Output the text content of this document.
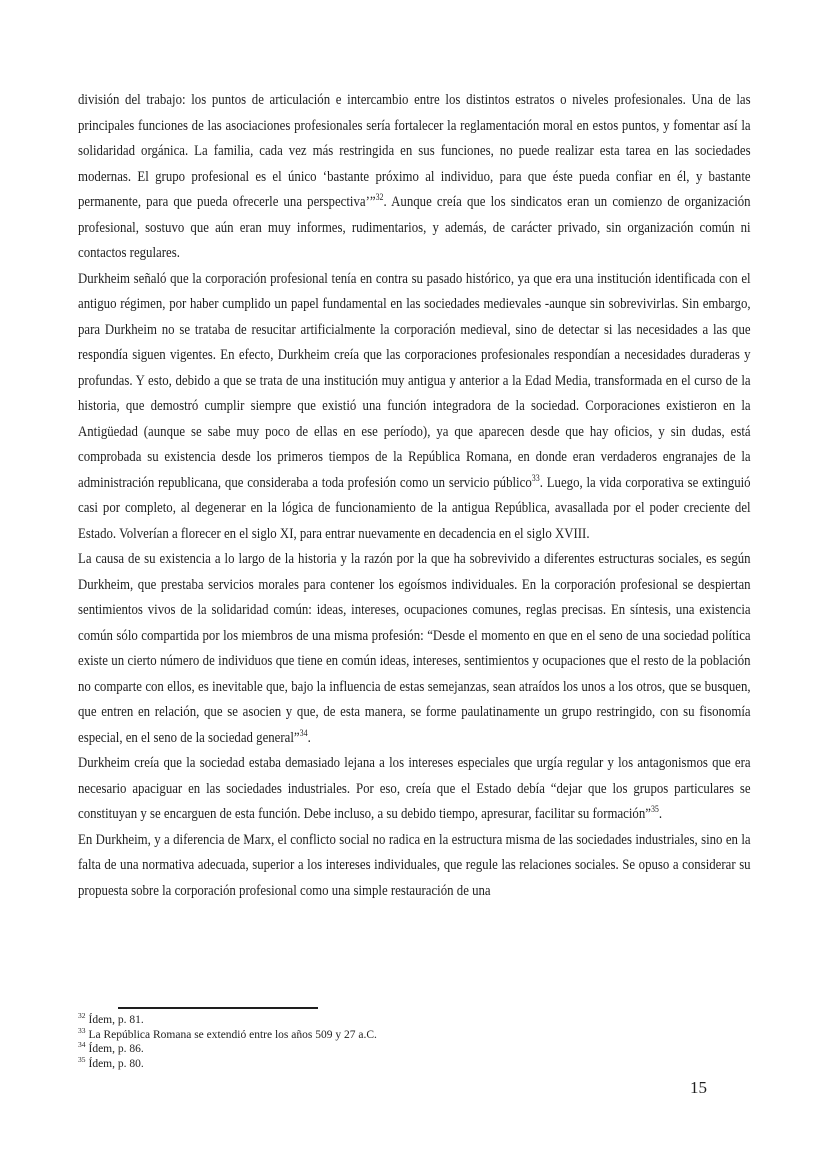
división del trabajo: los puntos de articulación e intercambio entre los distintos estratos o niveles profesionales. Una de las principales funciones de las asociaciones profesionales sería fortalecer la reglamentación moral en estos puntos, y fomentar así la solidaridad orgánica. La familia, cada vez más restringida en sus funciones, no puede realizar esta tarea en las sociedades modernas. El grupo profesional es el único ‘bastante próximo al individuo, para que éste pueda confiar en él, y bastante permanente, para que pueda ofrecerle una perspectiva’”$^{32}$. Aunque creía que los sindicatos eran un comienzo de organización profesional, sostuvo que aún eran muy informes, rudimentarios, y además, de carácter privado, sin organización común ni contactos regulares.

Durkheim señaló que la corporación profesional tenía en contra su pasado histórico, ya que era una institución identificada con el antiguo régimen, por haber cumplido un papel fundamental en las sociedades medievales -aunque sin sobrevivirlas. Sin embargo, para Durkheim no se trataba de resucitar artificialmente la corporación medieval, sino de detectar si las necesidades a las que respondía siguen vigentes. En efecto, Durkheim creía que las corporaciones profesionales respondían a necesidades duraderas y profundas. Y esto, debido a que se trata de una institución muy antigua y anterior a la Edad Media, transformada en el curso de la historia, que demostró cumplir siempre que existió una función integradora de la sociedad. Corporaciones existieron en la Antigüedad (aunque se sabe muy poco de ellas en ese período), ya que aparecen desde que hay oficios, y sin dudas, está comprobada su existencia desde los primeros tiempos de la República Romana, en donde eran verdaderos engranajes de la administración republicana, que consideraba a toda profesión como un servicio público$^{33}$. Luego, la vida corporativa se extinguió casi por completo, al degenerar en la lógica de funcionamiento de la antigua República, avasallada por el poder creciente del Estado. Volverían a florecer en el siglo XI, para entrar nuevamente en decadencia en el siglo XVIII.

La causa de su existencia a lo largo de la historia y la razón por la que ha sobrevivido a diferentes estructuras sociales, es según Durkheim, que prestaba servicios morales para contener los egoísmos individuales. En la corporación profesional se despiertan sentimientos vivos de la solidaridad común: ideas, intereses, ocupaciones comunes, reglas precisas. En síntesis, una existencia común sólo compartida por los miembros de una misma profesión: “Desde el momento en que en el seno de una sociedad política existe un cierto número de individuos que tiene en común ideas, intereses, sentimientos y ocupaciones que el resto de la población no comparte con ellos, es inevitable que, bajo la influencia de estas semejanzas, sean atraídos los unos a los otros, que se busquen, que entren en relación, que se asocien y que, de esta manera, se forme paulatinamente un grupo restringido, con su fisonomía especial, en el seno de la sociedad general”$^{34}$.

Durkheim creía que la sociedad estaba demasiado lejana a los intereses especiales que urgía regular y los antagonismos que era necesario apaciguar en las sociedades industriales. Por eso, creía que el Estado debía “dejar que los grupos particulares se constituyan y se encarguen de esta función. Debe incluso, a su debido tiempo, apresurar, facilitar su formación”$^{35}$.

En Durkheim, y a diferencia de Marx, el conflicto social no radica en la estructura misma de las sociedades industriales, sino en la falta de una normativa adecuada, superior a los intereses individuales, que regule las relaciones sociales. Se opuso a considerar su propuesta sobre la corporación profesional como una simple restauración de una

$^{32}$ Ídem, p. 81.
$^{33}$ La República Romana se extendió entre los años 509 y 27 a.C.
$^{34}$ Ídem, p. 86.
$^{35}$ Ídem, p. 80.
15
